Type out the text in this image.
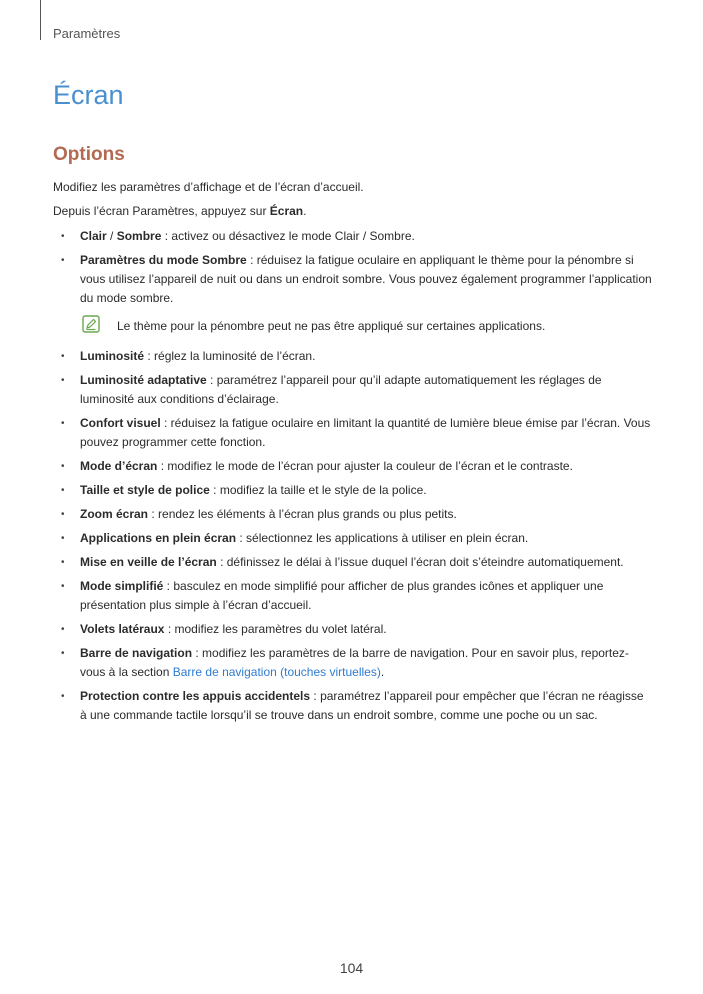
Paramètres
Écran
Options

Modifiez les paramètres d’affichage et de l’écran d’accueil.

Depuis l’écran Paramètres, appuyez sur Écran.

• Clair / Sombre : activez ou désactivez le mode Clair / Sombre.
• Paramètres du mode Sombre : réduisez la fatigue oculaire en appliquant le thème pour la pénombre si vous utilisez l’appareil de nuit ou dans un endroit sombre. Vous pouvez également programmer l’application du mode sombre.
Le thème pour la pénombre peut ne pas être appliqué sur certaines applications.
• Luminosité : réglez la luminosité de l’écran.
• Luminosité adaptative : paramétrez l’appareil pour qu’il adapte automatiquement les réglages de luminosité aux conditions d’éclairage.
• Confort visuel : réduisez la fatigue oculaire en limitant la quantité de lumière bleue émise par l’écran. Vous pouvez programmer cette fonction.
• Mode d’écran : modifiez le mode de l’écran pour ajuster la couleur de l’écran et le contraste.
• Taille et style de police : modifiez la taille et le style de la police.
• Zoom écran : rendez les éléments à l’écran plus grands ou plus petits.
• Applications en plein écran : sélectionnez les applications à utiliser en plein écran.
• Mise en veille de l’écran : définissez le délai à l’issue duquel l’écran doit s’éteindre automatiquement.
• Mode simplifié : basculez en mode simplifié pour afficher de plus grandes icônes et appliquer une présentation plus simple à l’écran d’accueil.
• Volets latéraux : modifiez les paramètres du volet latéral.
• Barre de navigation : modifiez les paramètres de la barre de navigation. Pour en savoir plus, reportez-vous à la section Barre de navigation (touches virtuelles).
• Protection contre les appuis accidentels : paramétrez l’appareil pour empêcher que l’écran ne réagisse à une commande tactile lorsqu’il se trouve dans un endroit sombre, comme une poche ou un sac.
104
